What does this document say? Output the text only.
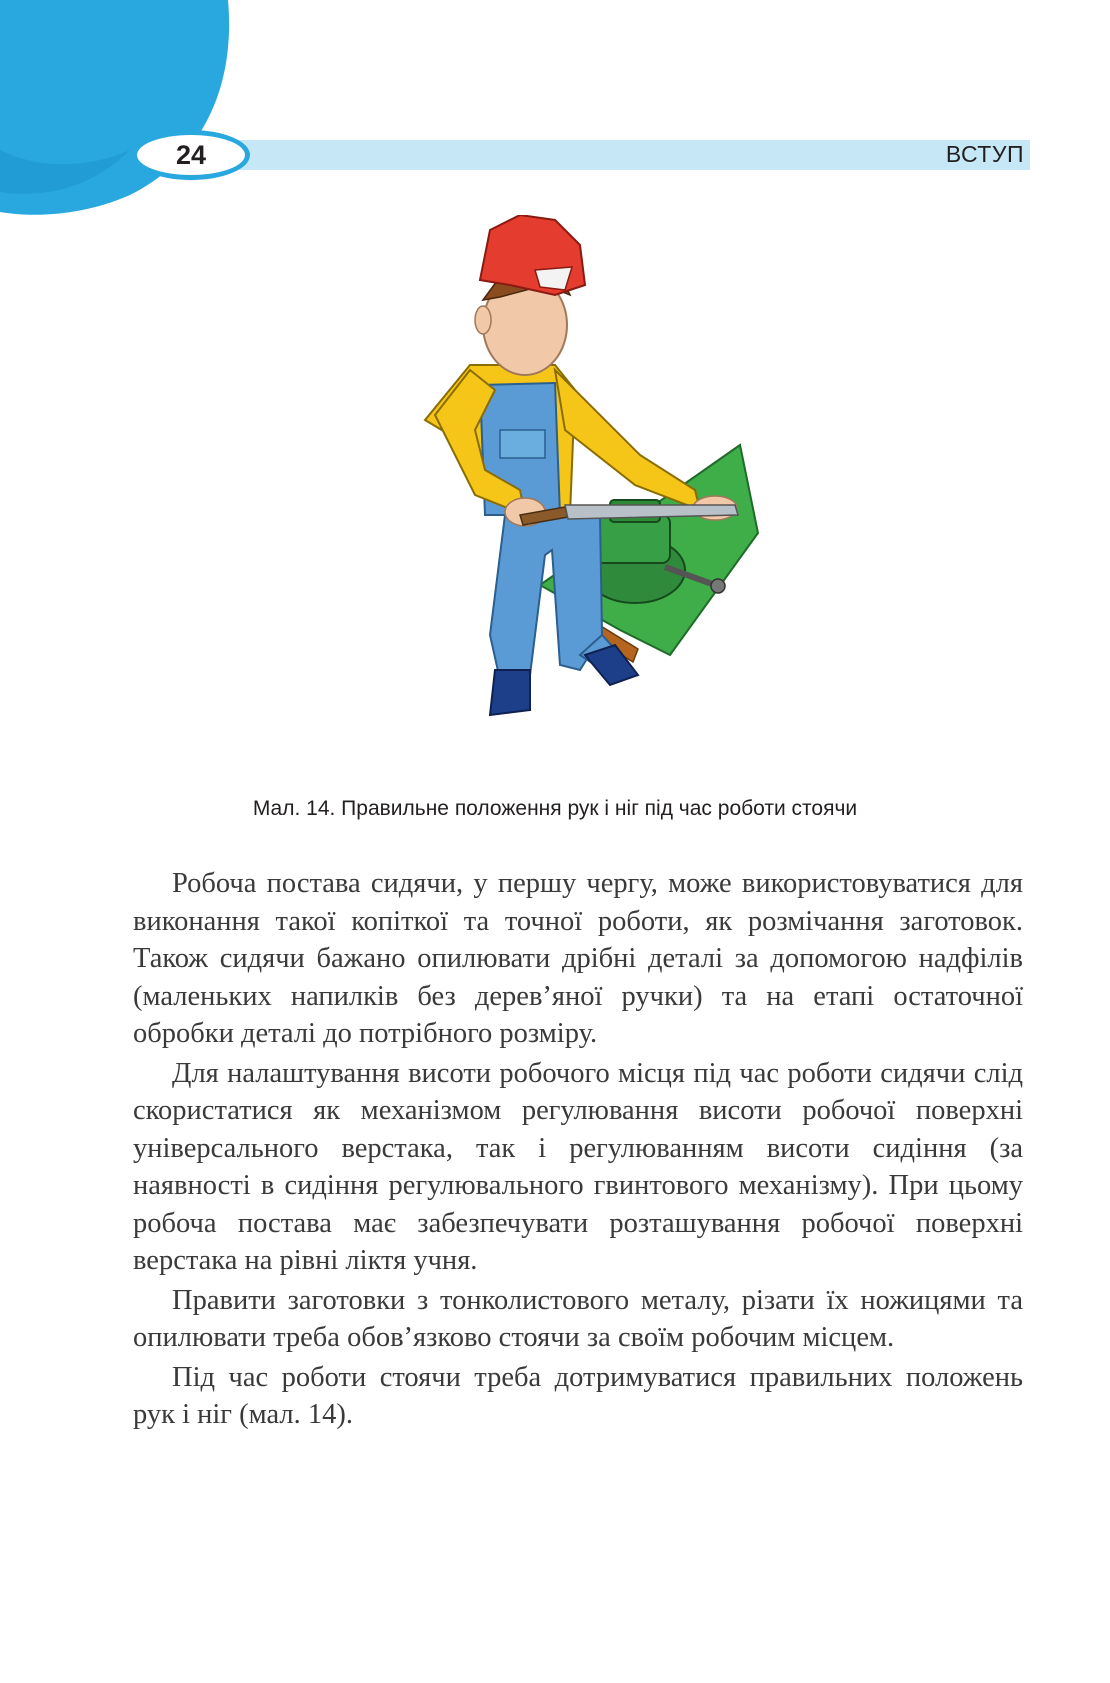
24	ВСТУП
Мал. 14. Правильне положення рук і ніг під час роботи стоячи

Робоча постава сидячи, у першу чергу, може використовуватися для виконання такої копіткої та точної роботи, як розмічання заготовок. Також сидячи бажано опилювати дрібні деталі за допомогою надфілів (маленьких напилків без дерев’яної ручки) та на етапі остаточної обробки деталі до потрібного розміру.

Для налаштування висоти робочого місця під час роботи сидячи слід скористатися як механізмом регулювання висоти робочої поверхні універсального верстака, так і регулюванням висоти сидіння (за наявності в сидіння регулювального гвинтового механізму). При цьому робоча постава має забезпечувати розташування робочої поверхні верстака на рівні ліктя учня.

Правити заготовки з тонколистового металу, різати їх ножицями та опилювати треба обов’язково стоячи за своїм робочим місцем.

Під час роботи стоячи треба дотримуватися правильних положень рук і ніг (мал. 14).
